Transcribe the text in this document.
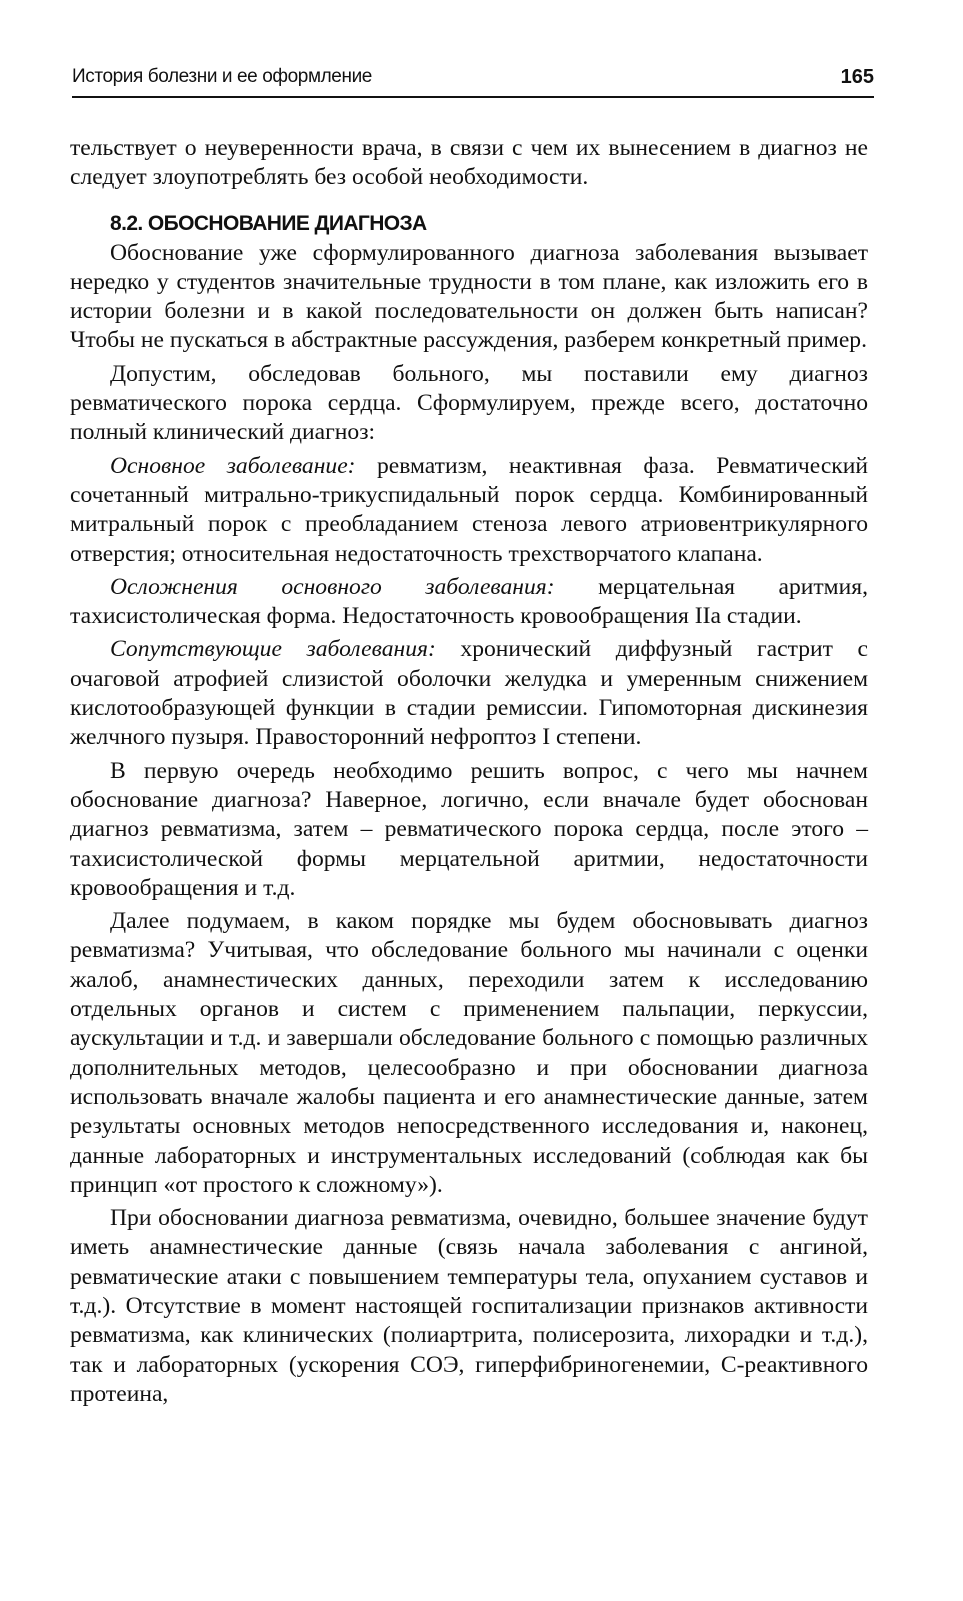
История болезни и ее оформление	165

тельствует о неуверенности врача, в связи с чем их вынесением в диагноз не следует злоупотреблять без особой необходимости.

8.2. ОБОСНОВАНИЕ ДИАГНОЗА

Обоснование уже сформулированного диагноза заболевания вызывает нередко у студентов значительные трудности в том плане, как изложить его в истории болезни и в какой последовательности он должен быть написан? Чтобы не пускаться в абстрактные рассуждения, разберем конкретный пример.

Допустим, обследовав больного, мы поставили ему диагноз ревматического порока сердца. Сформулируем, прежде всего, достаточно полный клинический диагноз:

Основное заболевание: ревматизм, неактивная фаза. Ревматический сочетанный митрально-трикуспидальный порок сердца. Комбинированный митральный порок с преобладанием стеноза левого атриовентрикулярного отверстия; относительная недостаточность трехстворчатого клапана.

Осложнения основного заболевания: мерцательная аритмия, тахисистолическая форма. Недостаточность кровообращения IIа стадии.

Сопутствующие заболевания: хронический диффузный гастрит с очаговой атрофией слизистой оболочки желудка и умеренным снижением кислотообразующей функции в стадии ремиссии. Гипомоторная дискинезия желчного пузыря. Правосторонний нефроптоз I степени.

В первую очередь необходимо решить вопрос, с чего мы начнем обоснование диагноза? Наверное, логично, если вначале будет обоснован диагноз ревматизма, затем – ревматического порока сердца, после этого – тахисистолической формы мерцательной аритмии, недостаточности кровообращения и т.д.

Далее подумаем, в каком порядке мы будем обосновывать диагноз ревматизма? Учитывая, что обследование больного мы начинали с оценки жалоб, анамнестических данных, переходили затем к исследованию отдельных органов и систем с применением пальпации, перкуссии, аускультации и т.д. и завершали обследование больного с помощью различных дополнительных методов, целесообразно и при обосновании диагноза использовать вначале жалобы пациента и его анамнестические данные, затем результаты основных методов непосредственного исследования и, наконец, данные лабораторных и инструментальных исследований (соблюдая как бы принцип «от простого к сложному»).

При обосновании диагноза ревматизма, очевидно, большее значение будут иметь анамнестические данные (связь начала заболевания с ангиной, ревматические атаки с повышением температуры тела, опуханием суставов и т.д.). Отсутствие в момент настоящей госпитализации признаков активности ревматизма, как клинических (полиартрита, полисерозита, лихорадки и т.д.), так и лабораторных (ускорения СОЭ, гиперфибриногенемии, С-реактивного протеина,
